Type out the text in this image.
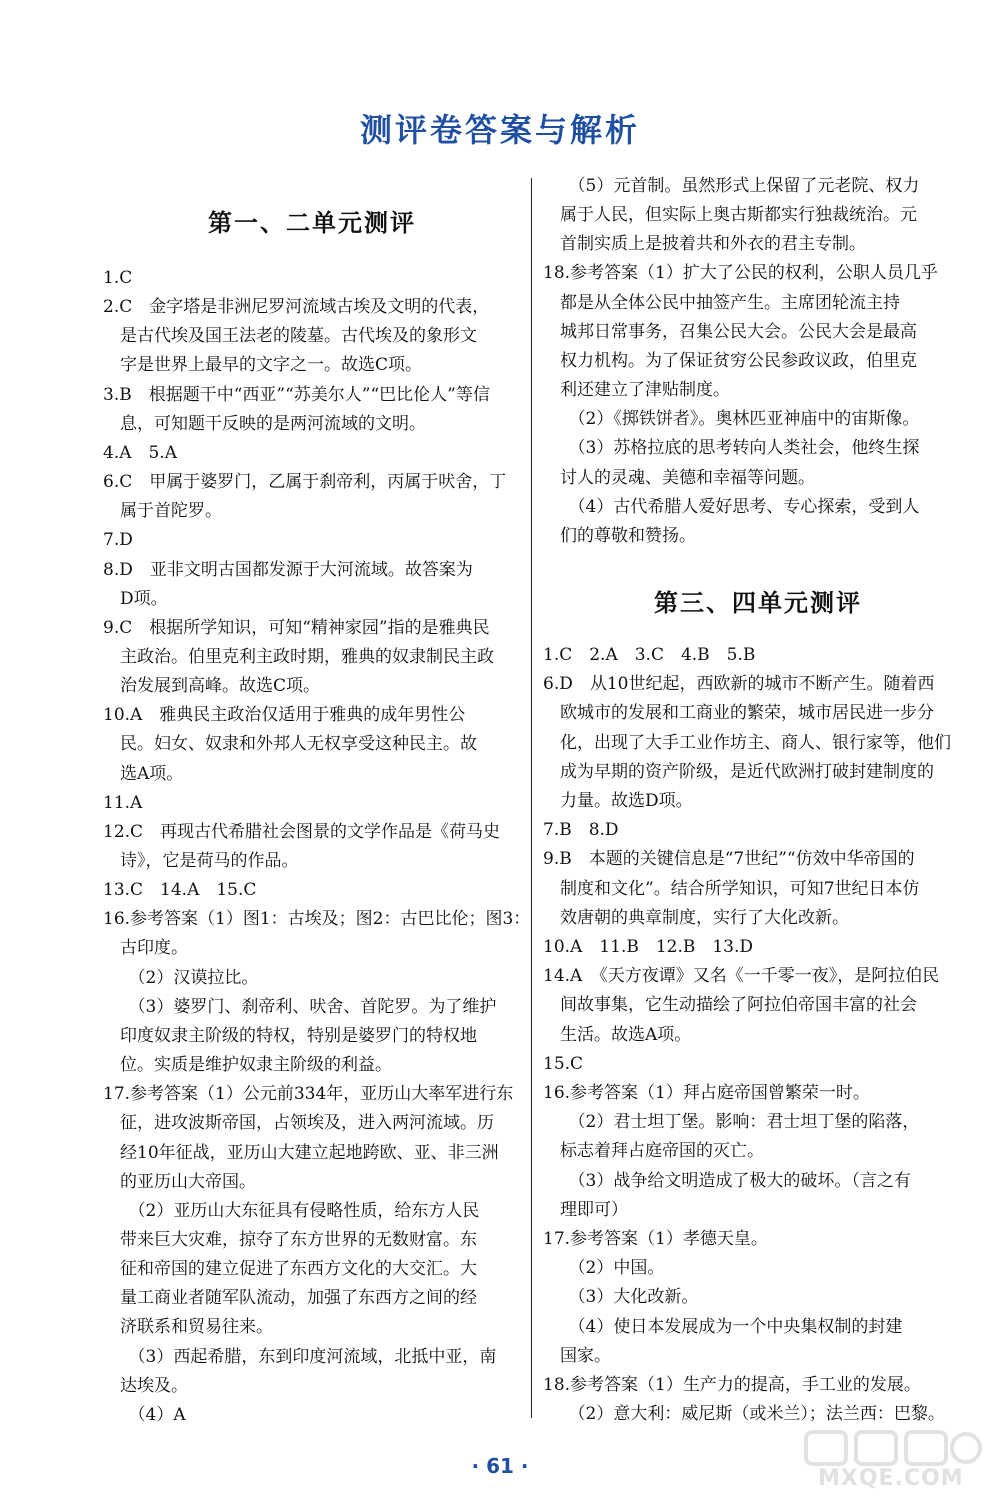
测评卷答案与解析
第一、二单元测评
1.C
2.C　金字塔是非洲尼罗河流域古埃及文明的代表，
　是古代埃及国王法老的陵墓。古代埃及的象形文
　字是世界上最早的文字之一。故选C项。
3.B　根据题干中“西亚”“苏美尔人”“巴比伦人”等信
　息，可知题干反映的是两河流域的文明。
4.A　5.A
6.C　甲属于婆罗门，乙属于刹帝利，丙属于吠舍，丁
　属于首陀罗。
7.D
8.D　亚非文明古国都发源于大河流域。故答案为
　D项。
9.C　根据所学知识，可知“精神家园”指的是雅典民
　主政治。伯里克利主政时期，雅典的奴隶制民主政
　治发展到高峰。故选C项。
10.A　雅典民主政治仅适用于雅典的成年男性公
　民。妇女、奴隶和外邦人无权享受这种民主。故
　选A项。
11.A
12.C　再现古代希腊社会图景的文学作品是《荷马史
　诗》，它是荷马的作品。
13.C　14.A　15.C
16.参考答案（1）图1：古埃及；图2：古巴比伦；图3：
　古印度。
　　（2）汉谟拉比。
　　（3）婆罗门、刹帝利、吠舍、首陀罗。为了维护
　印度奴隶主阶级的特权，特别是婆罗门的特权地
　位。实质是维护奴隶主阶级的利益。
17.参考答案（1）公元前334年，亚历山大率军进行东
　征，进攻波斯帝国，占领埃及，进入两河流域。历
　经10年征战，亚历山大建立起地跨欧、亚、非三洲
　的亚历山大帝国。
　　（2）亚历山大东征具有侵略性质，给东方人民
　带来巨大灾难，掠夺了东方世界的无数财富。东
　征和帝国的建立促进了东西方文化的大交汇。大
　量工商业者随军队流动，加强了东西方之间的经
　济联系和贸易往来。
　　（3）西起希腊，东到印度河流域，北抵中亚，南
　达埃及。
　　（4）A
第三、四单元测评
　　（5）元首制。虽然形式上保留了元老院、权力
　属于人民，但实际上奥古斯都实行独裁统治。元
　首制实质上是披着共和外衣的君主专制。
18.参考答案（1）扩大了公民的权利，公职人员几乎
　都是从全体公民中抽签产生。主席团轮流主持
　城邦日常事务，召集公民大会。公民大会是最高
　权力机构。为了保证贫穷公民参政议政，伯里克
　利还建立了津贴制度。
　　（2）《掷铁饼者》。奥林匹亚神庙中的宙斯像。
　　（3）苏格拉底的思考转向人类社会，他终生探
　讨人的灵魂、美德和幸福等问题。
　　（4）古代希腊人爱好思考、专心探索，受到人
　们的尊敬和赞扬。
1.C　2.A　3.C　4.B　5.B
6.D　从10世纪起，西欧新的城市不断产生。随着西
　欧城市的发展和工商业的繁荣，城市居民进一步分
　化，出现了大手工业作坊主、商人、银行家等，他们
　成为早期的资产阶级，是近代欧洲打破封建制度的
　力量。故选D项。
7.B　8.D
9.B　本题的关键信息是“7世纪”“仿效中华帝国的
　制度和文化”。结合所学知识，可知7世纪日本仿
　效唐朝的典章制度，实行了大化改新。
10.A　11.B　12.B　13.D
14.A　《天方夜谭》又名《一千零一夜》，是阿拉伯民
　间故事集，它生动描绘了阿拉伯帝国丰富的社会
　生活。故选A项。
15.C
16.参考答案（1）拜占庭帝国曾繁荣一时。
　　（2）君士坦丁堡。影响：君士坦丁堡的陷落，
　标志着拜占庭帝国的灭亡。
　　（3）战争给文明造成了极大的破坏。（言之有
　理即可）
17.参考答案（1）孝德天皇。
　　（2）中国。
　　（3）大化改新。
　　（4）使日本发展成为一个中央集权制的封建
　国家。
18.参考答案（1）生产力的提高，手工业的发展。
　　（2）意大利：威尼斯（或米兰）；法兰西：巴黎。
· 61 ·	MXQE.COM
